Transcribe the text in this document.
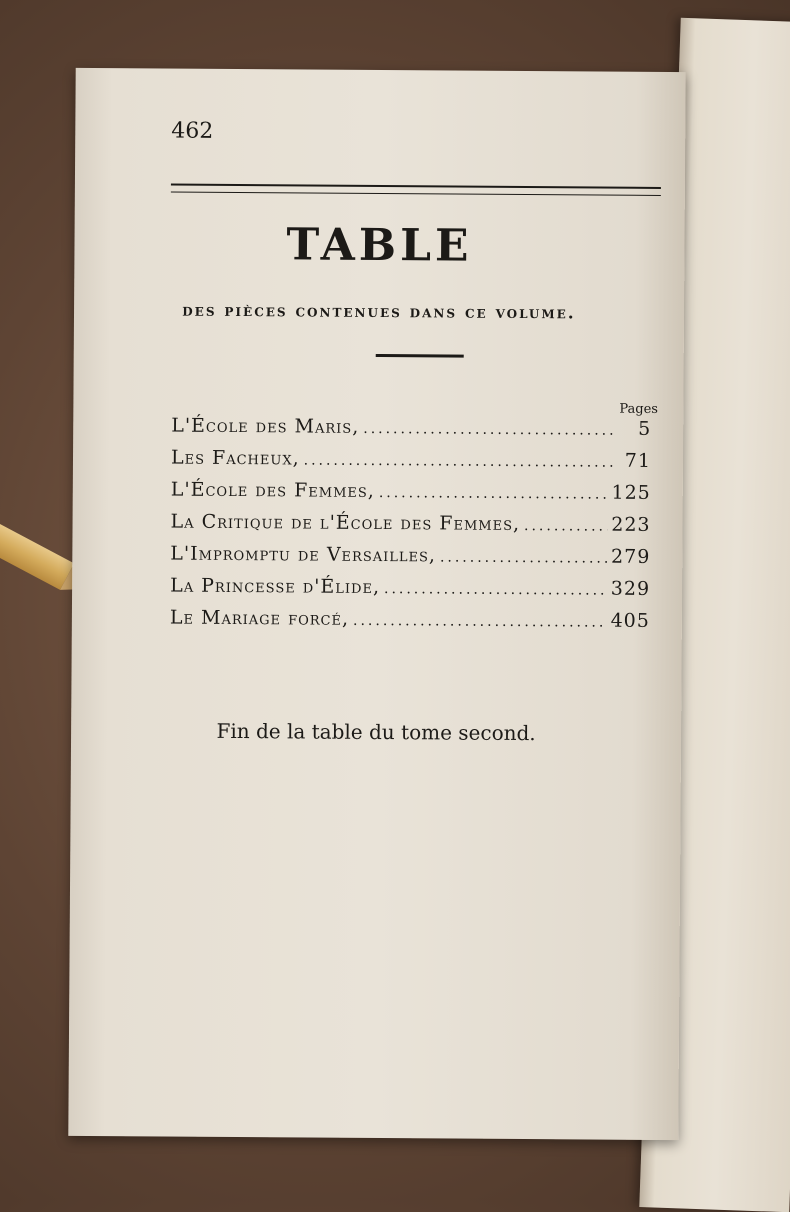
462
TABLE
des pièces contenues dans ce volume.
Pages
L'École des Maris, .....	5
Les Facheux, .....	71
L'École des Femmes, .....	125
La Critique de l'École des Femmes, .....	223
L'Impromptu de Versailles, .....	279
La Princesse d'Élide, .....	329
Le Mariage forcé, .....	405
Fin de la table du tome second.
